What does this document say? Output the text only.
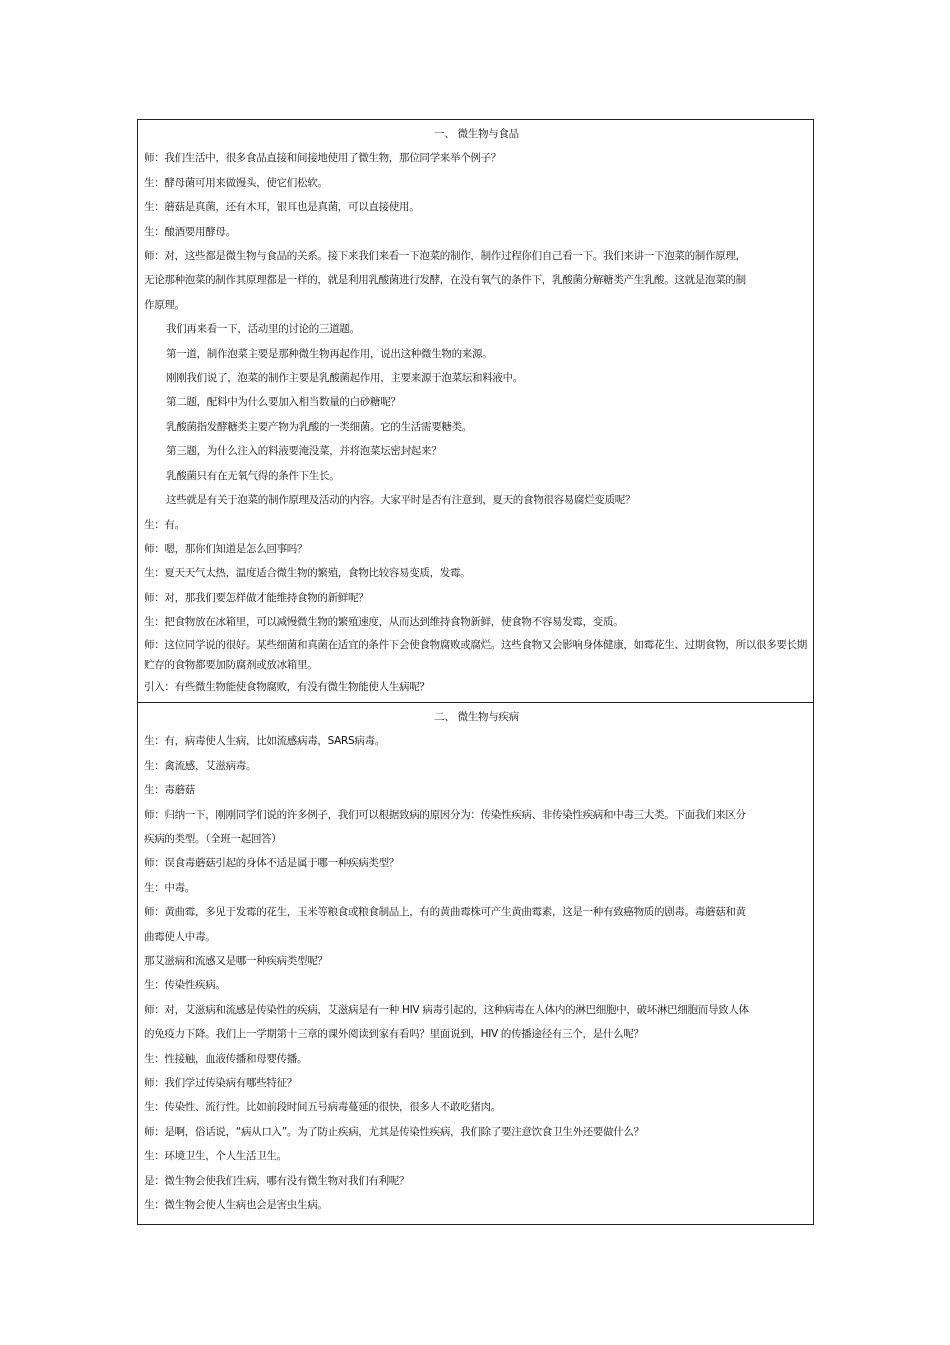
一、 微生物与食品
师：我们生活中，很多食品直接和间接地使用了微生物，那位同学来举个例子？
生：酵母菌可用来做馒头，使它们松软。
生：蘑菇是真菌，还有木耳，银耳也是真菌，可以直接使用。
生：酿酒要用酵母。
师：对，这些都是微生物与食品的关系。接下来我们来看一下泡菜的制作，制作过程你们自己看一下。我们来讲一下泡菜的制作原理，
无论那种泡菜的制作其原理都是一样的，就是利用乳酸菌进行发酵，在没有氧气的条件下，乳酸菌分解糖类产生乳酸。这就是泡菜的制
作原理。
我们再来看一下，活动里的讨论的三道题。
第一道，制作泡菜主要是那种微生物再起作用，说出这种微生物的来源。
刚刚我们说了，泡菜的制作主要是乳酸菌起作用，主要来源于泡菜坛和料液中。
第二题，配料中为什么要加入相当数量的白砂糖呢？
乳酸菌指发酵糖类主要产物为乳酸的一类细菌。它的生活需要糖类。
第三题，为什么注入的料液要淹没菜，并将泡菜坛密封起来？
乳酸菌只有在无氧气得的条件下生长。
这些就是有关于泡菜的制作原理及活动的内容。大家平时是否有注意到，夏天的食物很容易腐烂变质呢？
生：有。
师：嗯，那你们知道是怎么回事吗？
生：夏天天气太热，温度适合微生物的繁殖，食物比较容易变质，发霉。
师：对，那我们要怎样做才能维持食物的新鲜呢？
生：把食物放在冰箱里，可以减慢微生物的繁殖速度，从而达到维持食物新鲜，使食物不容易发霉，变质。
师：这位同学说的很好。某些细菌和真菌在适宜的条件下会使食物腐败或腐烂。这些食物又会影响身体健康，如霉花生、过期食物，所以很多要长期贮存的食物都要加防腐剂或放冰箱里。
引入：有些微生物能使食物腐败，有没有微生物能使人生病呢？
二、 微生物与疾病
生：有，病毒使人生病，比如流感病毒，SARS病毒。
生：禽流感，艾滋病毒。
生：毒蘑菇
师：归纳一下，刚刚同学们说的许多例子，我们可以根据致病的原因分为：传染性疾病、非传染性疾病和中毒三大类。下面我们来区分
疾病的类型。（全班一起回答）
师：误食毒蘑菇引起的身体不适是属于哪一种疾病类型？
生：中毒。
师：黄曲霉，多见于发霉的花生，玉米等粮食或粮食制品上，有的黄曲霉株可产生黄曲霉素，这是一种有致癌物质的剧毒。毒蘑菇和黄
曲霉使人中毒。
那艾滋病和流感又是哪一种疾病类型呢？
生：传染性疾病。
师：对，艾滋病和流感是传染性的疾病，艾滋病是有一种 HIV 病毒引起的，这种病毒在人体内的淋巴细胞中，破坏淋巴细胞而导致人体
的免疫力下降。我们上一学期第十三章的课外阅读到家有看吗？里面说到，HIV 的传播途径有三个，是什么呢？
生：性接触，血液传播和母婴传播。
师：我们学过传染病有哪些特征？
生：传染性、流行性。比如前段时间五号病毒蔓延的很快，很多人不敢吃猪肉。
师：是啊，俗话说，“病从口入”。为了防止疾病，尤其是传染性疾病，我们除了要注意饮食卫生外还要做什么？
生：环境卫生，个人生活卫生。
是：微生物会使我们生病，哪有没有微生物对我们有利呢？
生：微生物会使人生病也会是害虫生病。
